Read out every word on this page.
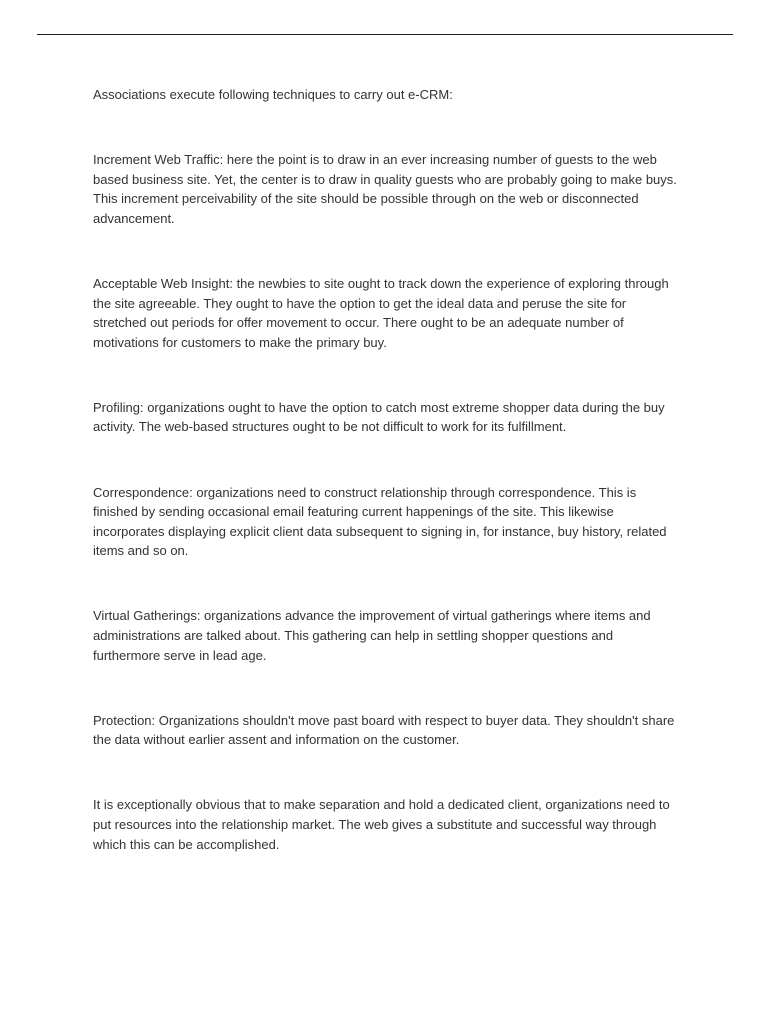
Associations execute following techniques to carry out e-CRM:

Increment Web Traffic: here the point is to draw in an ever increasing number of guests to the web based business site. Yet, the center is to draw in quality guests who are probably going to make buys. This increment perceivability of the site should be possible through on the web or disconnected advancement.

Acceptable Web Insight: the newbies to site ought to track down the experience of exploring through the site agreeable. They ought to have the option to get the ideal data and peruse the site for stretched out periods for offer movement to occur. There ought to be an adequate number of motivations for customers to make the primary buy.

Profiling: organizations ought to have the option to catch most extreme shopper data during the buy activity. The web-based structures ought to be not difficult to work for its fulfillment.

Correspondence: organizations need to construct relationship through correspondence. This is finished by sending occasional email featuring current happenings of the site. This likewise incorporates displaying explicit client data subsequent to signing in, for instance, buy history, related items and so on.

Virtual Gatherings: organizations advance the improvement of virtual gatherings where items and administrations are talked about. This gathering can help in settling shopper questions and furthermore serve in lead age.

Protection: Organizations shouldn't move past board with respect to buyer data. They shouldn't share the data without earlier assent and information on the customer.

It is exceptionally obvious that to make separation and hold a dedicated client, organizations need to put resources into the relationship market. The web gives a substitute and successful way through which this can be accomplished.
